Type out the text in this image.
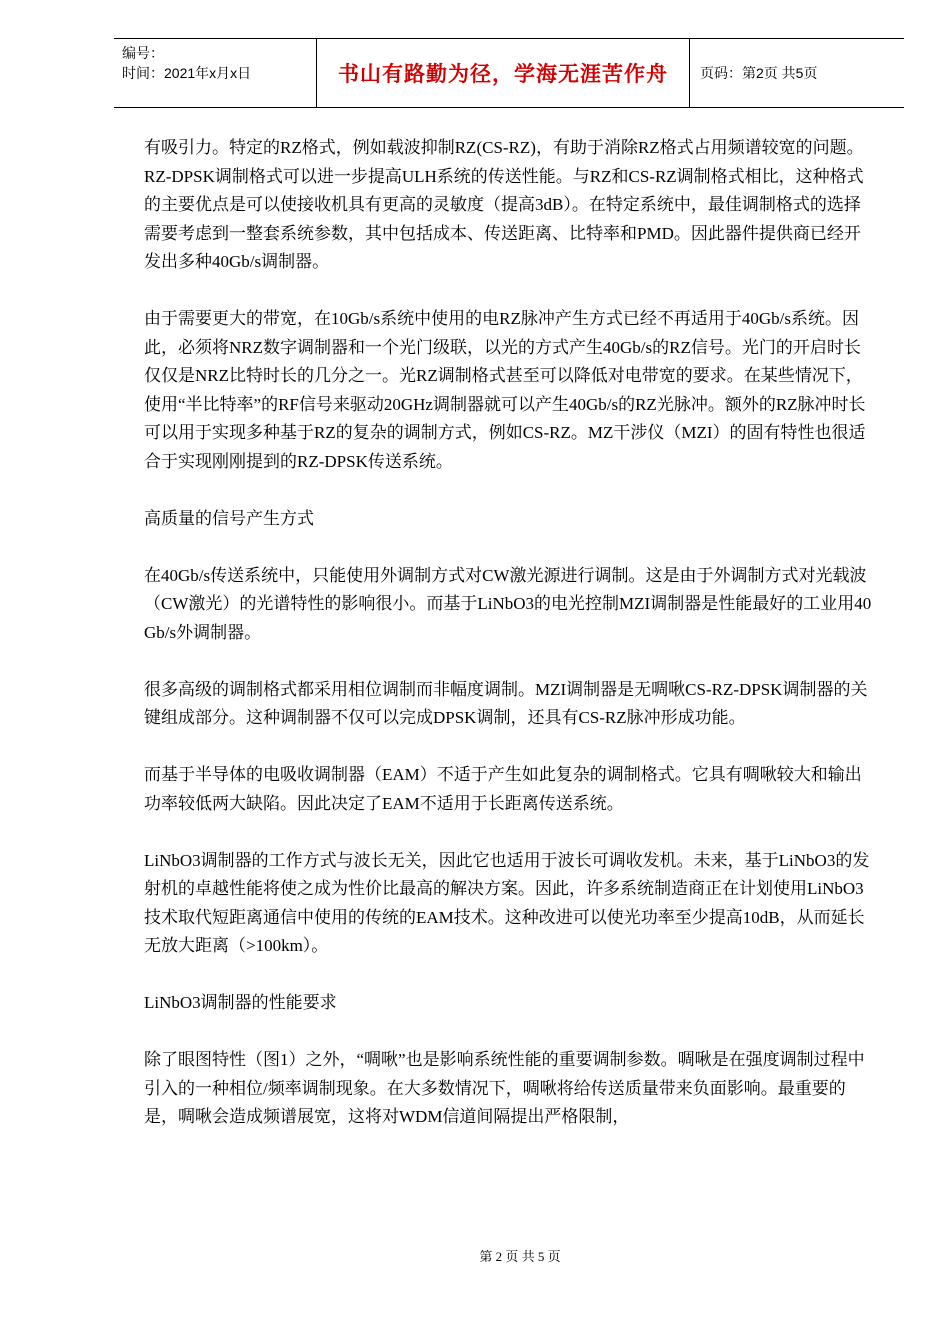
编号：
时间：2021年x月x日	书山有路勤为径，学海无涯苦作舟	页码：第2页 共5页

有吸引力。特定的RZ格式，例如载波抑制RZ(CS-RZ)，有助于消除RZ格式占用频谱较宽的问题。

RZ-DPSK调制格式可以进一步提高ULH系统的传送性能。与RZ和CS-RZ调制格式相比，这种格式的主要优点是可以使接收机具有更高的灵敏度（提高3dB）。在特定系统中，最佳调制格式的选择需要考虑到一整套系统参数，其中包括成本、传送距离、比特率和PMD。因此器件提供商已经开发出多种40Gb/s调制器。

由于需要更大的带宽，在10Gb/s系统中使用的电RZ脉冲产生方式已经不再适用于40Gb/s系统。因此，必须将NRZ数字调制器和一个光门级联，以光的方式产生40Gb/s的RZ信号。光门的开启时长仅仅是NRZ比特时长的几分之一。光RZ调制格式甚至可以降低对电带宽的要求。在某些情况下，使用“半比特率”的RF信号来驱动20GHz调制器就可以产生40Gb/s的RZ光脉冲。额外的RZ脉冲时长可以用于实现多种基于RZ的复杂的调制方式，例如CS-RZ。MZ干涉仪（MZI）的固有特性也很适合于实现刚刚提到的RZ-DPSK传送系统。

高质量的信号产生方式

在40Gb/s传送系统中，只能使用外调制方式对CW激光源进行调制。这是由于外调制方式对光载波（CW激光）的光谱特性的影响很小。而基于LiNbO3的电光控制MZI调制器是性能最好的工业用40Gb/s外调制器。

很多高级的调制格式都采用相位调制而非幅度调制。MZI调制器是无啁啾CS-RZ-DPSK调制器的关键组成部分。这种调制器不仅可以完成DPSK调制，还具有CS-RZ脉冲形成功能。

而基于半导体的电吸收调制器（EAM）不适于产生如此复杂的调制格式。它具有啁啾较大和输出功率较低两大缺陷。因此决定了EAM不适用于长距离传送系统。

LiNbO3调制器的工作方式与波长无关，因此它也适用于波长可调收发机。未来，基于LiNbO3的发射机的卓越性能将使之成为性价比最高的解决方案。因此，许多系统制造商正在计划使用LiNbO3技术取代短距离通信中使用的传统的EAM技术。这种改进可以使光功率至少提高10dB，从而延长无放大距离（>100km）。

LiNbO3调制器的性能要求

除了眼图特性（图1）之外，“啁啾”也是影响系统性能的重要调制参数。啁啾是在强度调制过程中引入的一种相位/频率调制现象。在大多数情况下，啁啾将给传送质量带来负面影响。最重要的是，啁啾会造成频谱展宽，这将对WDM信道间隔提出严格限制，

第 2 页 共 5 页
